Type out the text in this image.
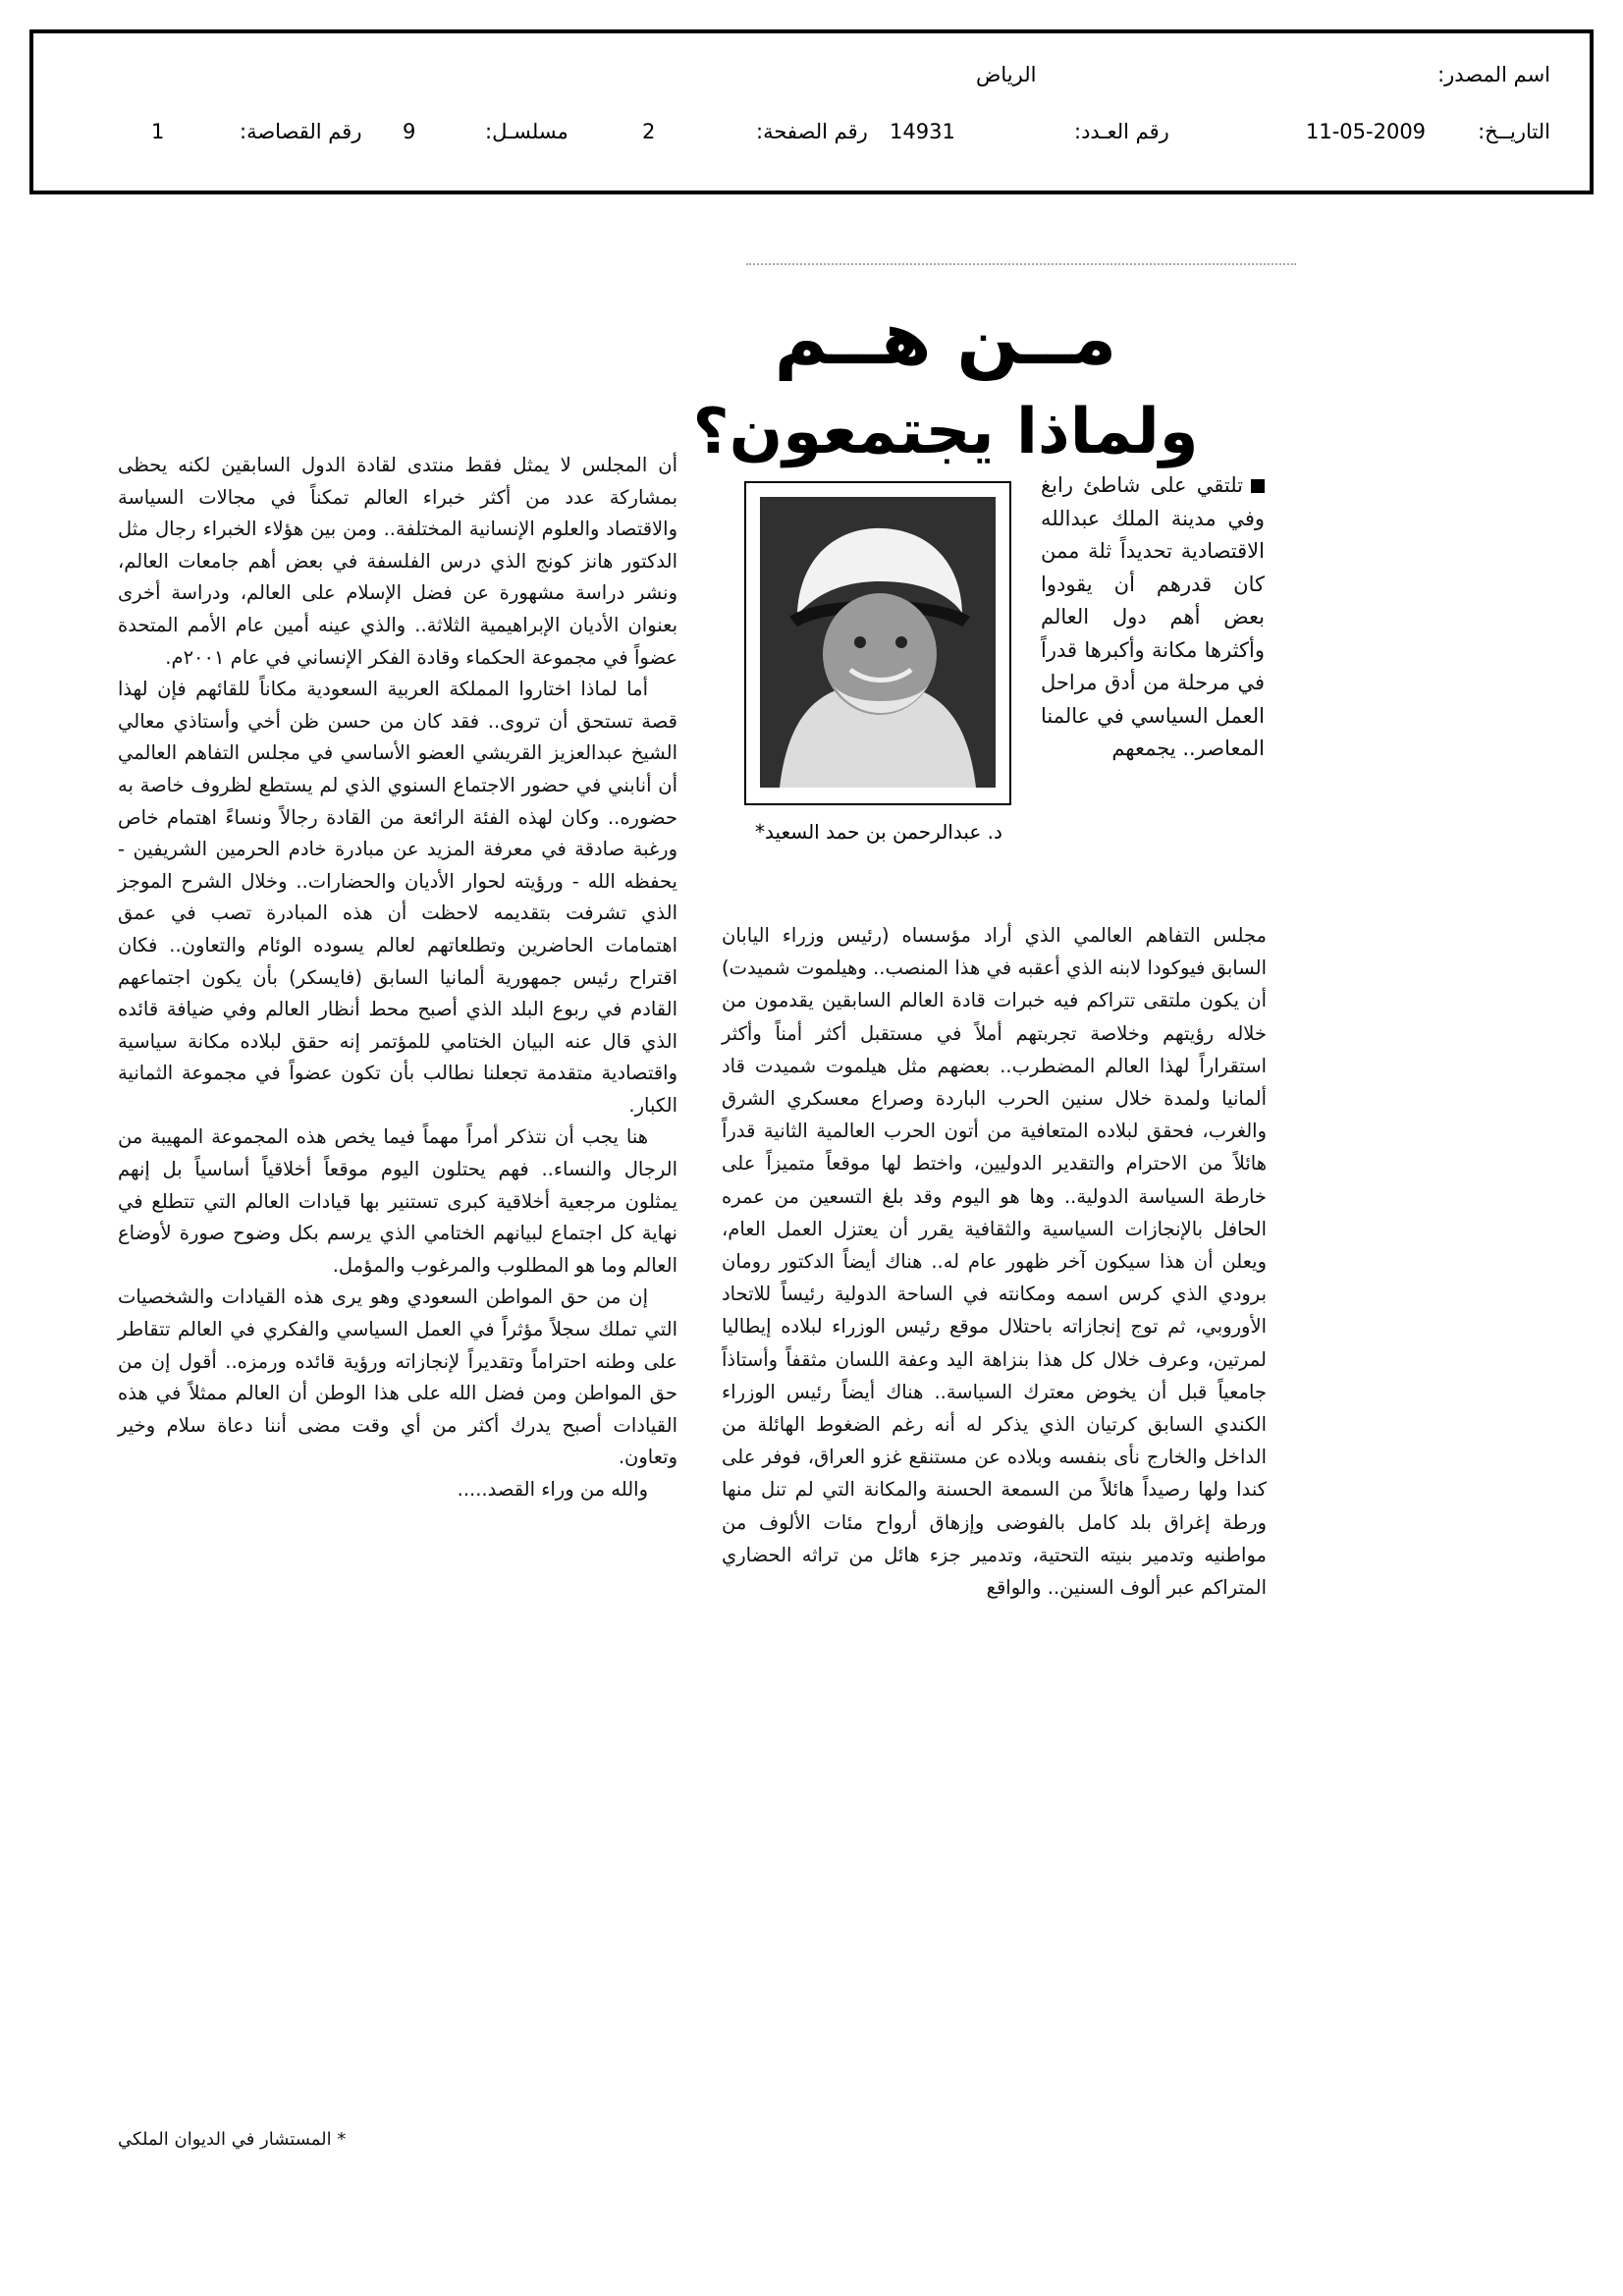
اسم المصدر:
الرياض
التاريــخ:
11-05-2009
رقم العـدد:
14931
رقم الصفحة:
2
مسلسـل:
9
رقم القصاصة:
1
مــن هــم
ولماذا يجتمعون؟
د. عبدالرحمن بن حمد السعيد*
تلتقي على شاطئ رابغ وفي مدينة الملك عبدالله الاقتصادية تحديداً ثلة ممن كان قدرهم أن يقودوا بعض أهم دول العالم وأكثرها مكانة وأكبرها قدراً في مرحلة من أدق مراحل العمل السياسي في عالمنا المعاصر.. يجمعهم

مجلس التفاهم العالمي الذي أراد مؤسساه (رئيس وزراء اليابان السابق فيوكودا لابنه الذي أعقبه في هذا المنصب.. وهيلموت شميدت) أن يكون ملتقى تتراكم فيه خبرات قادة العالم السابقين يقدمون من خلاله رؤيتهم وخلاصة تجربتهم أملاً في مستقبل أكثر أمناً وأكثر استقراراً لهذا العالم المضطرب.. بعضهم مثل هيلموت شميدت قاد ألمانيا ولمدة خلال سنين الحرب الباردة وصراع معسكري الشرق والغرب، فحقق لبلاده المتعافية من أتون الحرب العالمية الثانية قدراً هائلاً من الاحترام والتقدير الدوليين، واختط لها موقعاً متميزاً على خارطة السياسة الدولية.. وها هو اليوم وقد بلغ التسعين من عمره الحافل بالإنجازات السياسية والثقافية يقرر أن يعتزل العمل العام، ويعلن أن هذا سيكون آخر ظهور عام له.. هناك أيضاً الدكتور رومان برودي الذي كرس اسمه ومكانته في الساحة الدولية رئيساً للاتحاد الأوروبي، ثم توج إنجازاته باحتلال موقع رئيس الوزراء لبلاده إيطاليا لمرتين، وعرف خلال كل هذا بنزاهة اليد وعفة اللسان مثقفاً وأستاذاً جامعياً قبل أن يخوض معترك السياسة.. هناك أيضاً رئيس الوزراء الكندي السابق كرتيان الذي يذكر له أنه رغم الضغوط الهائلة من الداخل والخارج نأى بنفسه وبلاده عن مستنقع غزو العراق، فوفر على كندا ولها رصيداً هائلاً من السمعة الحسنة والمكانة التي لم تنل منها ورطة إغراق بلد كامل بالفوضى وإزهاق أرواح مئات الألوف من مواطنيه وتدمير بنيته التحتية، وتدمير جزء هائل من تراثه الحضاري المتراكم عبر ألوف السنين.. والواقع

أن المجلس لا يمثل فقط منتدى لقادة الدول السابقين لكنه يحظى بمشاركة عدد من أكثر خبراء العالم تمكناً في مجالات السياسة والاقتصاد والعلوم الإنسانية المختلفة.. ومن بين هؤلاء الخبراء رجال مثل الدكتور هانز كونج الذي درس الفلسفة في بعض أهم جامعات العالم، ونشر دراسة مشهورة عن فضل الإسلام على العالم، ودراسة أخرى بعنوان الأديان الإبراهيمية الثلاثة.. والذي عينه أمين عام الأمم المتحدة عضواً في مجموعة الحكماء وقادة الفكر الإنساني في عام ٢٠٠١م.

أما لماذا اختاروا المملكة العربية السعودية مكاناً للقائهم فإن لهذا قصة تستحق أن تروى.. فقد كان من حسن ظن أخي وأستاذي معالي الشيخ عبدالعزيز القريشي العضو الأساسي في مجلس التفاهم العالمي أن أنابني في حضور الاجتماع السنوي الذي لم يستطع لظروف خاصة به حضوره.. وكان لهذه الفئة الرائعة من القادة رجالاً ونساءً اهتمام خاص ورغبة صادقة في معرفة المزيد عن مبادرة خادم الحرمين الشريفين - يحفظه الله - ورؤيته لحوار الأديان والحضارات.. وخلال الشرح الموجز الذي تشرفت بتقديمه لاحظت أن هذه المبادرة تصب في عمق اهتمامات الحاضرين وتطلعاتهم لعالم يسوده الوئام والتعاون.. فكان اقتراح رئيس جمهورية ألمانيا السابق (فايسكر) بأن يكون اجتماعهم القادم في ربوع البلد الذي أصبح محط أنظار العالم وفي ضيافة قائده الذي قال عنه البيان الختامي للمؤتمر إنه حقق لبلاده مكانة سياسية واقتصادية متقدمة تجعلنا نطالب بأن تكون عضواً في مجموعة الثمانية الكبار.

هنا يجب أن نتذكر أمراً مهماً فيما يخص هذه المجموعة المهيبة من الرجال والنساء.. فهم يحتلون اليوم موقعاً أخلاقياً أساسياً بل إنهم يمثلون مرجعية أخلاقية كبرى تستنير بها قيادات العالم التي تتطلع في نهاية كل اجتماع لبيانهم الختامي الذي يرسم بكل وضوح صورة لأوضاع العالم وما هو المطلوب والمرغوب والمؤمل.

إن من حق المواطن السعودي وهو يرى هذه القيادات والشخصيات التي تملك سجلاً مؤثراً في العمل السياسي والفكري في العالم تتقاطر على وطنه احتراماً وتقديراً لإنجازاته ورؤية قائده ورمزه.. أقول إن من حق المواطن ومن فضل الله على هذا الوطن أن العالم ممثلاً في هذه القيادات أصبح يدرك أكثر من أي وقت مضى أننا دعاة سلام وخير وتعاون.

والله من وراء القصد.....

* المستشار في الديوان الملكي
